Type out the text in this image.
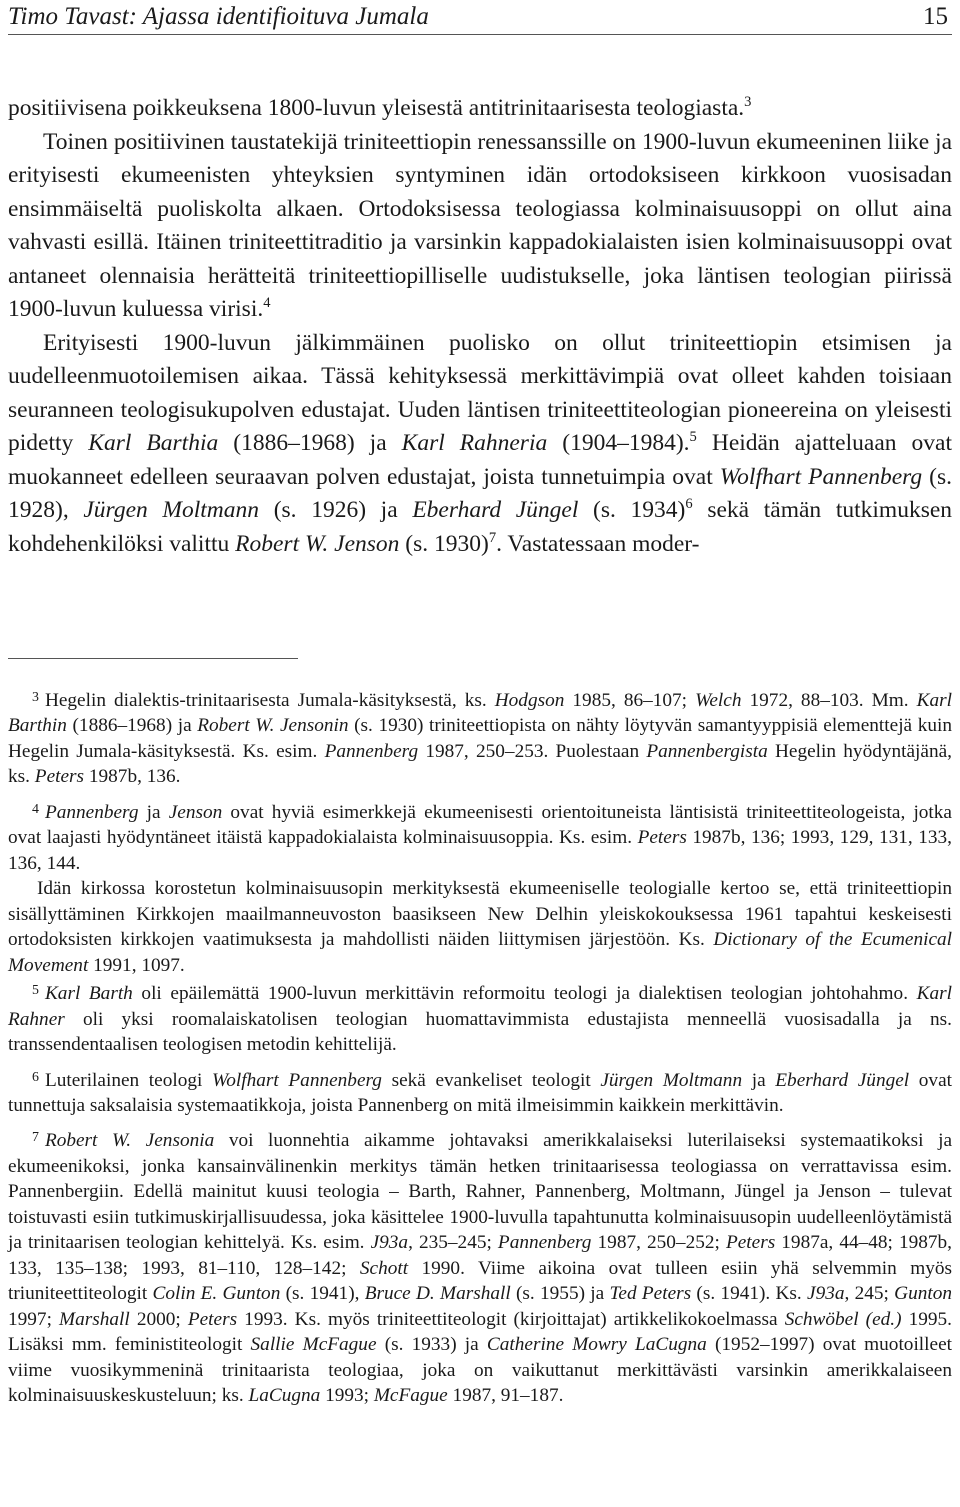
Timo Tavast: Ajassa identifioituva Jumala	15

positiivisena poikkeuksena 1800-luvun yleisestä antitrinitaarisesta teologiasta.$^3$

Toinen positiivinen taustatekijä triniteettiopin renessanssille on 1900-luvun ekumeeninen liike ja erityisesti ekumeenisten yhteyksien syntyminen idän ortodoksiseen kirkkoon vuosisadan ensimmäiseltä puoliskolta alkaen. Ortodoksisessa teologiassa kolminaisuusoppi on ollut aina vahvasti esillä. Itäinen triniteettitraditio ja varsinkin kappadokialaisten isien kolminaisuusoppi ovat antaneet olennaisia herätteitä triniteettiopilliselle uudistukselle, joka läntisen teologian piirissä 1900-luvun kuluessa virisi.$^4$

Erityisesti 1900-luvun jälkimmäinen puolisko on ollut triniteettiopin etsimisen ja uudelleenmuotoilemisen aikaa. Tässä kehityksessä merkittävimpiä ovat olleet kahden toisiaan seuranneen teologisukupolven edustajat. Uuden läntisen triniteettiteologian pioneereina on yleisesti pidetty Karl Barthia (1886–1968) ja Karl Rahneria (1904–1984).$^5$ Heidän ajatteluaan ovat muokanneet edelleen seuraavan polven edustajat, joista tunnetuimpia ovat Wolfhart Pannenberg (s. 1928), Jürgen Moltmann (s. 1926) ja Eberhard Jüngel (s. 1934)$^6$ sekä tämän tutkimuksen kohdehenkilöksi valittu Robert W. Jenson (s. 1930)$^7$. Vastatessaan moder-

$^3$ Hegelin dialektis-trinitaarisesta Jumala-käsityksestä, ks. Hodgson 1985, 86–107; Welch 1972, 88–103. Mm. Karl Barthin (1886–1968) ja Robert W. Jensonin (s. 1930) triniteettiopista on nähty löytyvän samantyyppisiä elementtejä kuin Hegelin Jumala-käsityksestä. Ks. esim. Pannenberg 1987, 250–253. Puolestaan Pannenbergista Hegelin hyödyntäjänä, ks. Peters 1987b, 136.

$^4$ Pannenberg ja Jenson ovat hyviä esimerkkejä ekumeenisesti orientoituneista läntisistä triniteettiteologeista, jotka ovat laajasti hyödyntäneet itäistä kappadokialaista kolminaisuusoppia. Ks. esim. Peters 1987b, 136; 1993, 129, 131, 133, 136, 144.

Idän kirkossa korostetun kolminaisuusopin merkityksestä ekumeeniselle teologialle kertoo se, että triniteettiopin sisällyttäminen Kirkkojen maailmanneuvoston baasikseen New Delhin yleiskokouksessa 1961 tapahtui keskeisesti ortodoksisten kirkkojen vaatimuksesta ja mahdollisti näiden liittymisen järjestöön. Ks. Dictionary of the Ecumenical Movement 1991, 1097.

$^5$ Karl Barth oli epäilemättä 1900-luvun merkittävin reformoitu teologi ja dialektisen teologian johtohahmo. Karl Rahner oli yksi roomalaiskatolisen teologian huomattavimmista edustajista menneellä vuosisadalla ja ns. transsendentaalisen teologisen metodin kehittelijä.

$^6$ Luterilainen teologi Wolfhart Pannenberg sekä evankeliset teologit Jürgen Moltmann ja Eberhard Jüngel ovat tunnettuja saksalaisia systemaatikkoja, joista Pannenberg on mitä ilmeisimmin kaikkein merkittävin.

$^7$ Robert W. Jensonia voi luonnehtia aikamme johtavaksi amerikkalaiseksi luterilaiseksi systemaatikoksi ja ekumeenikoksi, jonka kansainvälinenkin merkitys tämän hetken trinitaarisessa teologiassa on verrattavissa esim. Pannenbergiin. Edellä mainitut kuusi teologia – Barth, Rahner, Pannenberg, Moltmann, Jüngel ja Jenson – tulevat toistuvasti esiin tutkimuskirjallisuudessa, joka käsittelee 1900-luvulla tapahtunutta kolminaisuusopin uudelleenlöytämistä ja trinitaarisen teologian kehittelyä. Ks. esim. J93a, 235–245; Pannenberg 1987, 250–252; Peters 1987a, 44–48; 1987b, 133, 135–138; 1993, 81–110, 128–142; Schott 1990. Viime aikoina ovat tulleen esiin yhä selvemmin myös triuniteettiteologit Colin E. Gunton (s. 1941), Bruce D. Marshall (s. 1955) ja Ted Peters (s. 1941). Ks. J93a, 245; Gunton 1997; Marshall 2000; Peters 1993. Ks. myös triniteettiteologit (kirjoittajat) artikkelikokoelmassa Schwöbel (ed.) 1995. Lisäksi mm. feministiteologit Sallie McFague (s. 1933) ja Catherine Mowry LaCugna (1952–1997) ovat muotoilleet viime vuosikymmeninä trinitaarista teologiaa, joka on vaikuttanut merkittävästi varsinkin amerikkalaiseen kolminaisuuskeskusteluun; ks. LaCugna 1993; McFague 1987, 91–187.
